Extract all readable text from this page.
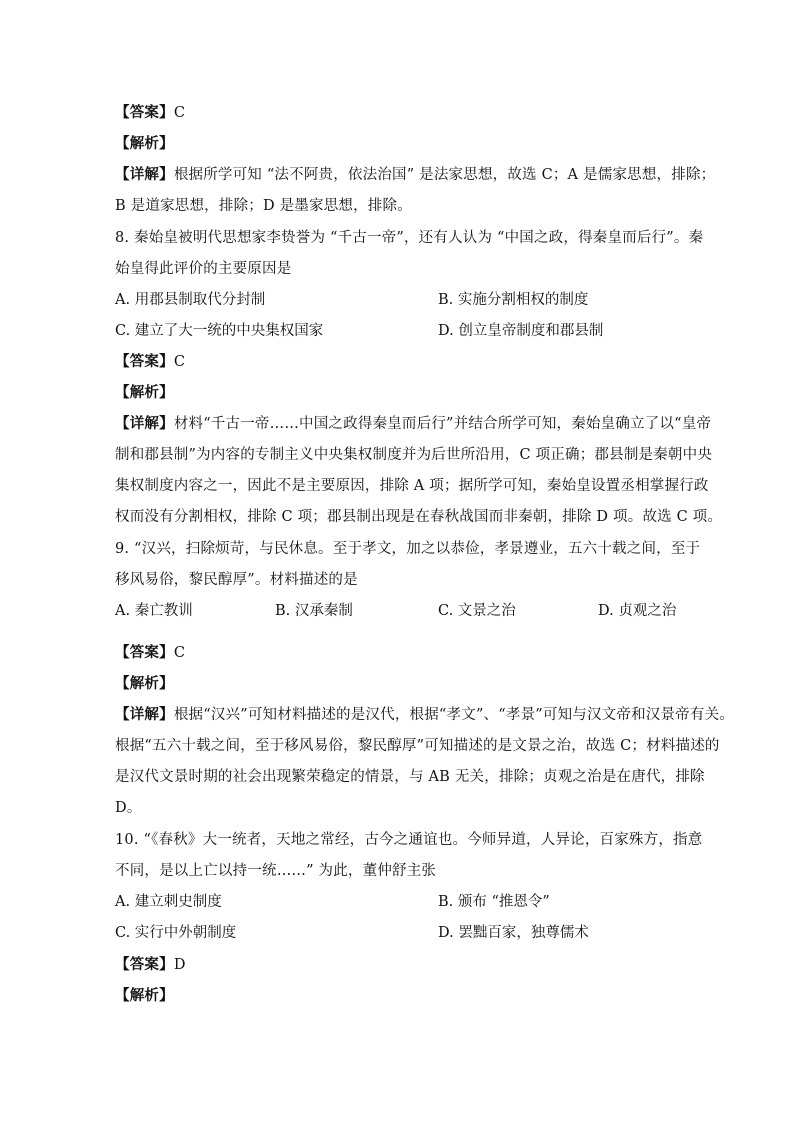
【答案】C
【解析】
【详解】根据所学可知 “法不阿贵，依法治国” 是法家思想，故选 C；A 是儒家思想，排除；
B 是道家思想，排除；D 是墨家思想，排除。
8. 秦始皇被明代思想家李贽誉为 “千古一帝”，还有人认为 “中国之政，得秦皇而后行”。秦
始皇得此评价的主要原因是
A. 用郡县制取代分封制	B. 实施分割相权的制度
C. 建立了大一统的中央集权国家	D. 创立皇帝制度和郡县制
【答案】C
【解析】
【详解】材料“千古一帝……中国之政得秦皇而后行”并结合所学可知，秦始皇确立了以“皇帝
制和郡县制”为内容的专制主义中央集权制度并为后世所沿用，C 项正确；郡县制是秦朝中央
集权制度内容之一，因此不是主要原因，排除 A 项；据所学可知，秦始皇设置丞相掌握行政
权而没有分割相权，排除 C 项；郡县制出现是在春秋战国而非秦朝，排除 D 项。故选 C 项。
9. “汉兴，扫除烦苛，与民休息。至于孝文，加之以恭俭，孝景遵业，五六十载之间，至于
移风易俗，黎民醇厚”。材料描述的是
A. 秦亡教训	B. 汉承秦制	C. 文景之治	D. 贞观之治
【答案】C
【解析】
【详解】根据“汉兴”可知材料描述的是汉代，根据“孝文”、“孝景”可知与汉文帝和汉景帝有关。
根据“五六十载之间，至于移风易俗，黎民醇厚”可知描述的是文景之治，故选 C；材料描述的
是汉代文景时期的社会出现繁荣稳定的情景，与 AB 无关，排除；贞观之治是在唐代，排除
D。
10. “《春秋》大一统者，天地之常经，古今之通谊也。今师异道，人异论，百家殊方，指意
不同，是以上亡以持一统……” 为此，董仲舒主张
A. 建立刺史制度	B. 颁布 “推恩令”
C. 实行中外朝制度	D. 罢黜百家，独尊儒术
【答案】D
【解析】
